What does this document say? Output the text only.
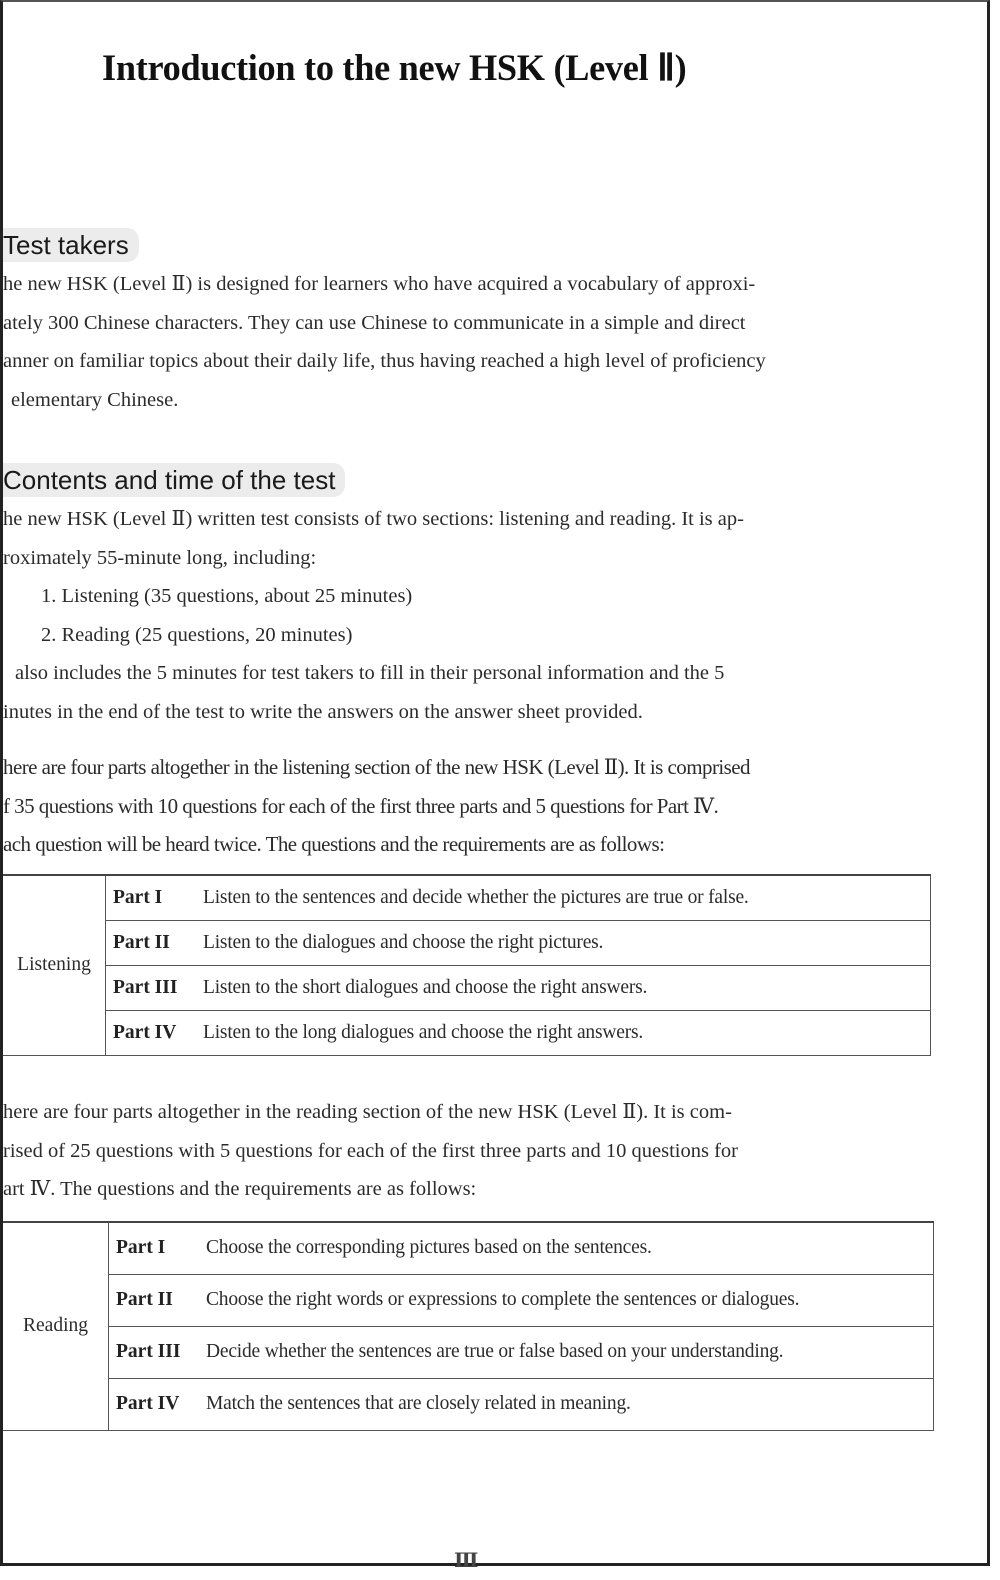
Introduction to the new HSK (Level Ⅱ)
Test takers
he new HSK (Level Ⅱ) is designed for learners who have acquired a vocabulary of approxi-
ately 300 Chinese characters. They can use Chinese to communicate in a simple and direct
anner on familiar topics about their daily life, thus having reached a high level of proficiency
elementary Chinese.
Contents and time of the test
he new HSK (Level Ⅱ) written test consists of two sections: listening and reading. It is ap-
roximately 55-minute long, including:
1. Listening (35 questions, about 25 minutes)
2. Reading (25 questions, 20 minutes)
also includes the 5 minutes for test takers to fill in their personal information and the 5
inutes in the end of the test to write the answers on the answer sheet provided.
here are four parts altogether in the listening section of the new HSK (Level Ⅱ). It is comprised
f 35 questions with 10 questions for each of the first three parts and 5 questions for Part Ⅳ.
ach question will be heard twice. The questions and the requirements are as follows:
Listening	Part I	Listen to the sentences and decide whether the pictures are true or false.
	Part II	Listen to the dialogues and choose the right pictures.
	Part III	Listen to the short dialogues and choose the right answers.
	Part IV	Listen to the long dialogues and choose the right answers.
here are four parts altogether in the reading section of the new HSK (Level Ⅱ). It is com-
rised of 25 questions with 5 questions for each of the first three parts and 10 questions for
art Ⅳ. The questions and the requirements are as follows:
Reading	Part I	Choose the corresponding pictures based on the sentences.
	Part II	Choose the right words or expressions to complete the sentences or dialogues.
	Part III	Decide whether the sentences are true or false based on your understanding.
	Part IV	Match the sentences that are closely related in meaning.
Ⅲ
